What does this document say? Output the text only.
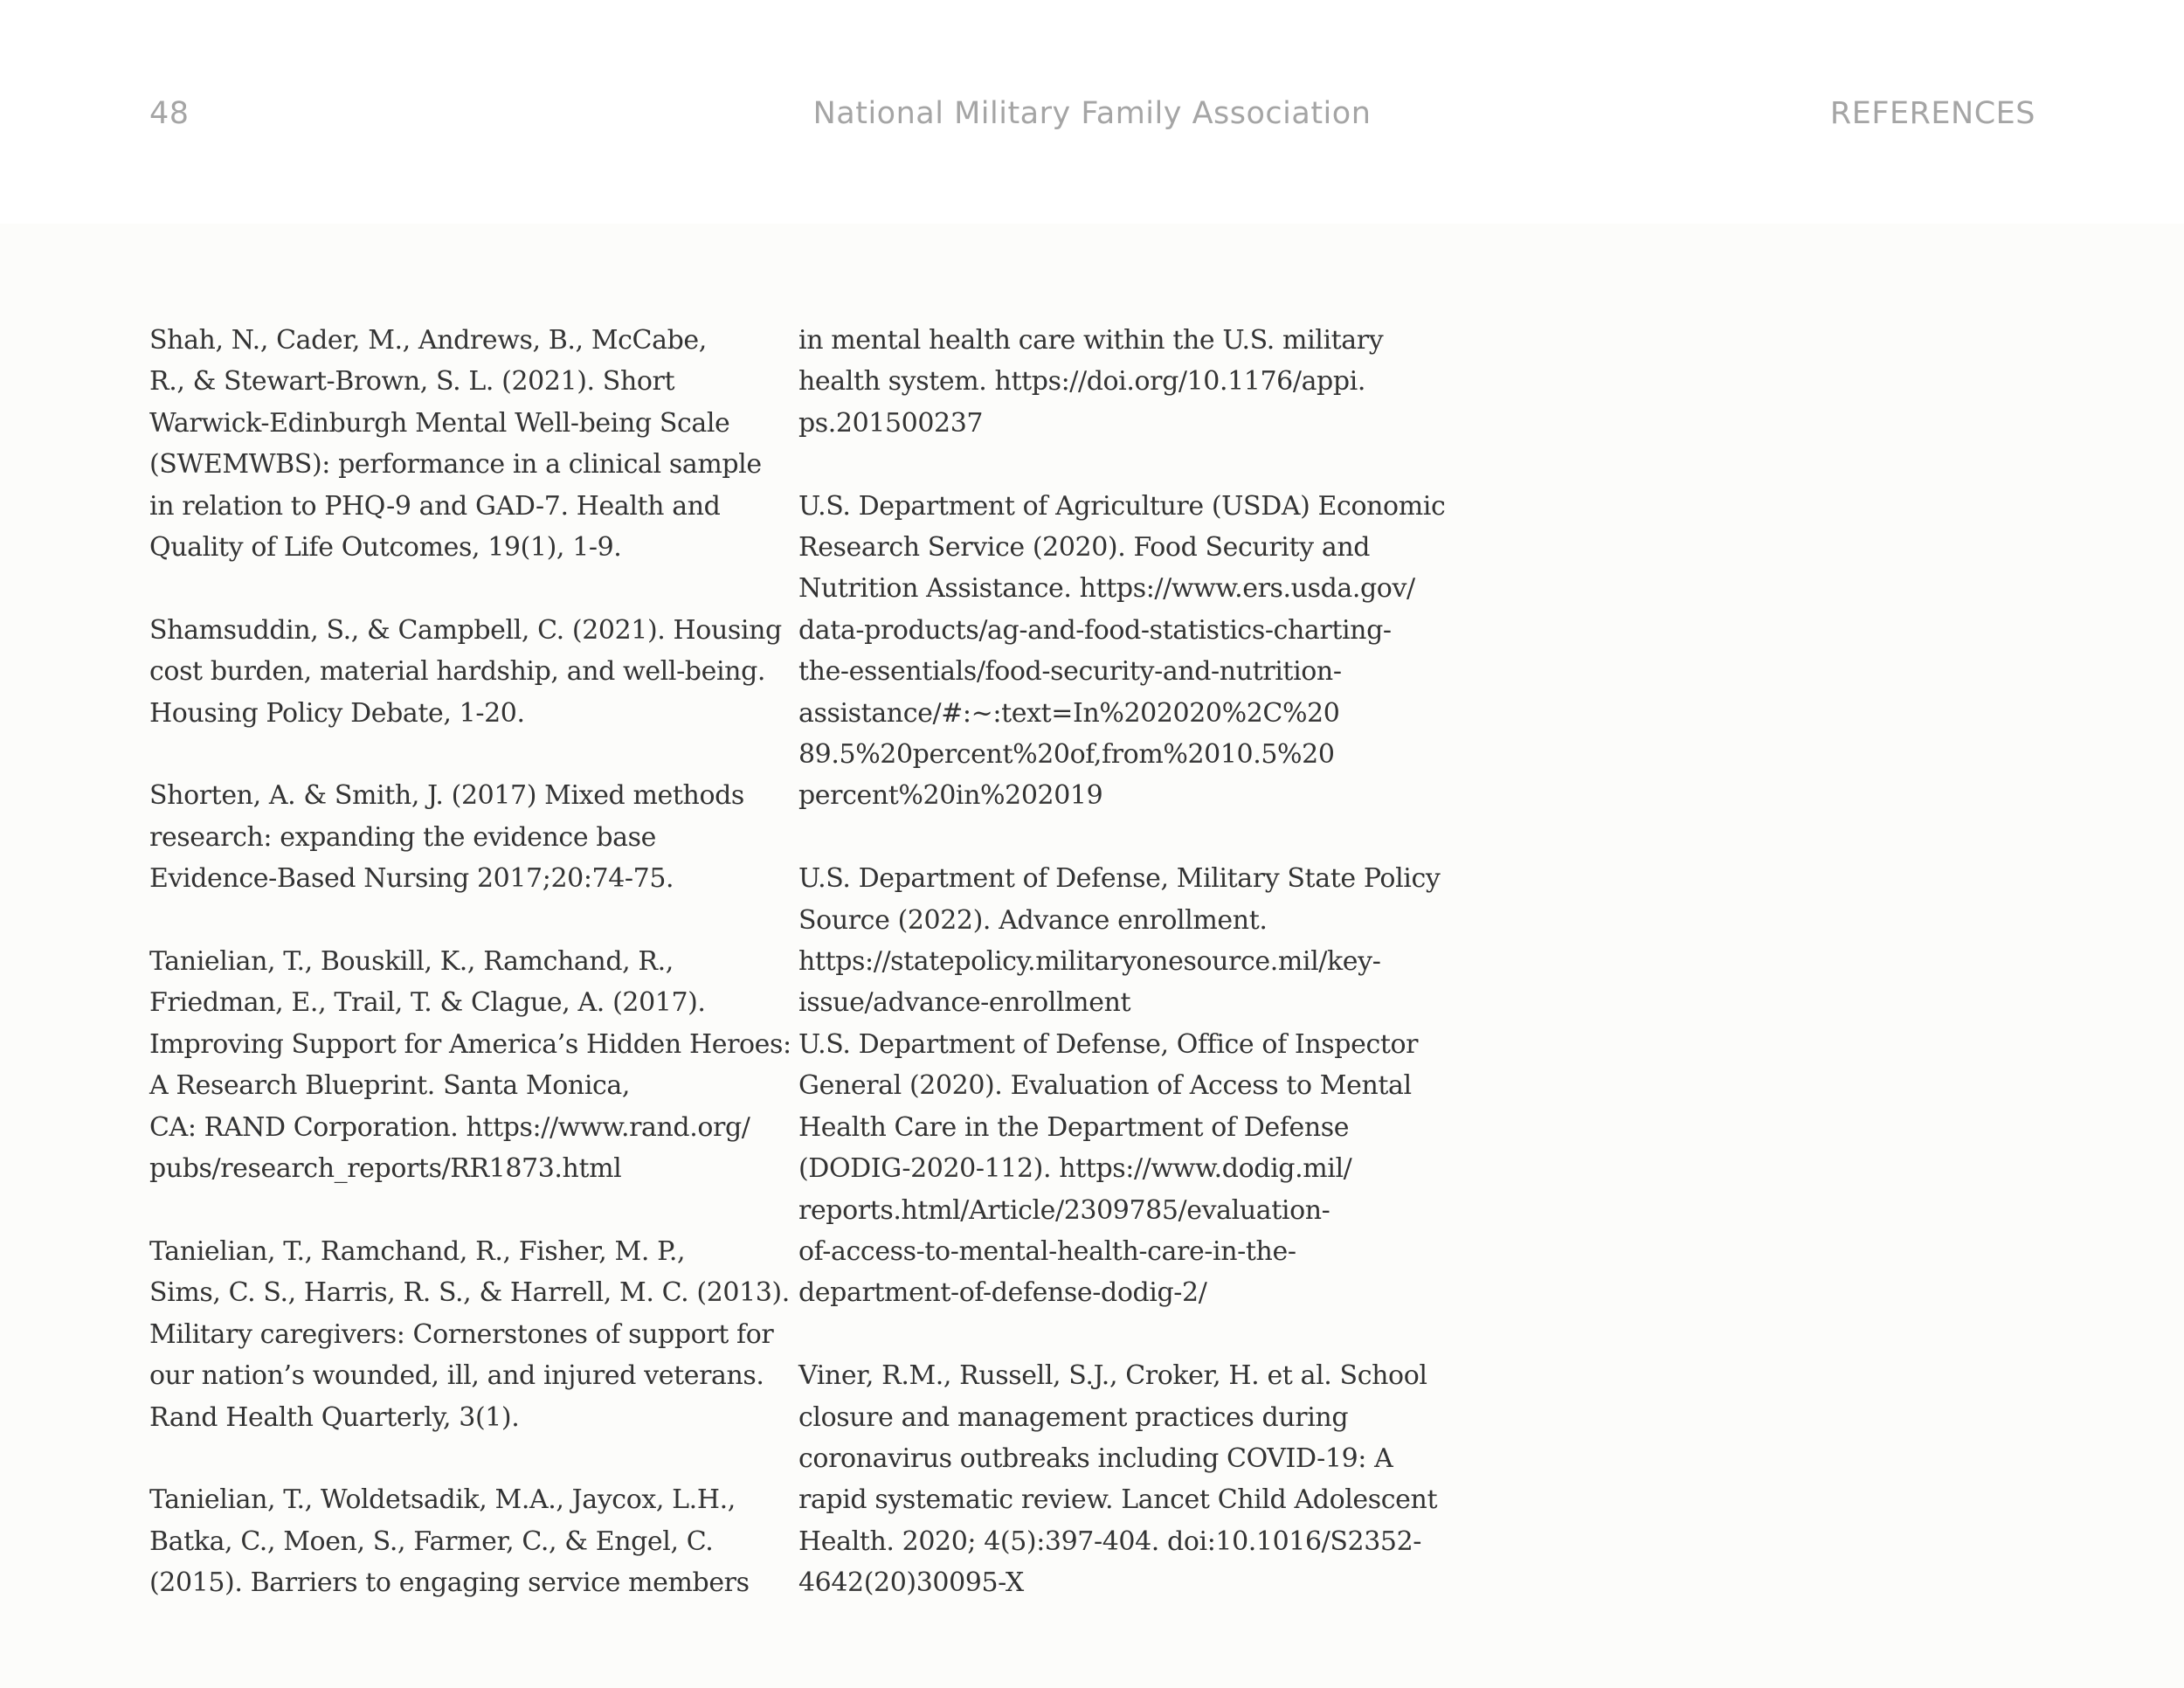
48	National Military Family Association	REFERENCES
Shah, N., Cader, M., Andrews, B., McCabe,
R., & Stewart-Brown, S. L. (2021). Short
Warwick-Edinburgh Mental Well-being Scale
(SWEMWBS): performance in a clinical sample
in relation to PHQ-9 and GAD-7. Health and
Quality of Life Outcomes, 19(1), 1-9.
Shamsuddin, S., & Campbell, C. (2021). Housing
cost burden, material hardship, and well-being.
Housing Policy Debate, 1-20.
Shorten, A. & Smith, J. (2017) Mixed methods
research: expanding the evidence base
Evidence-Based Nursing 2017;20:74-75.
Tanielian, T., Bouskill, K., Ramchand, R.,
Friedman, E., Trail, T. & Clague, A. (2017).
Improving Support for America’s Hidden Heroes:
A Research Blueprint. Santa Monica,
CA: RAND Corporation. https://www.rand.org/
pubs/research_reports/RR1873.html
Tanielian, T., Ramchand, R., Fisher, M. P.,
Sims, C. S., Harris, R. S., & Harrell, M. C. (2013).
Military caregivers: Cornerstones of support for
our nation’s wounded, ill, and injured veterans.
Rand Health Quarterly, 3(1).
Tanielian, T., Woldetsadik, M.A., Jaycox, L.H.,
Batka, C., Moen, S., Farmer, C., & Engel, C.
(2015). Barriers to engaging service members
in mental health care within the U.S. military
health system. https://doi.org/10.1176/appi.
ps.201500237
U.S. Department of Agriculture (USDA) Economic
Research Service (2020). Food Security and
Nutrition Assistance. https://www.ers.usda.gov/
data-products/ag-and-food-statistics-charting-
the-essentials/food-security-and-nutrition-
assistance/#:~:text=In%202020%2C%20
89.5%20percent%20of,from%2010.5%20
percent%20in%202019
U.S. Department of Defense, Military State Policy
Source (2022). Advance enrollment.
https://statepolicy.militaryonesource.mil/key-
issue/advance-enrollment
U.S. Department of Defense, Office of Inspector
General (2020). Evaluation of Access to Mental
Health Care in the Department of Defense
(DODIG-2020-112). https://www.dodig.mil/
reports.html/Article/2309785/evaluation-
of-access-to-mental-health-care-in-the-
department-of-defense-dodig-2/
Viner, R.M., Russell, S.J., Croker, H. et al. School
closure and management practices during
coronavirus outbreaks including COVID-19: A
rapid systematic review. Lancet Child Adolescent
Health. 2020; 4(5):397-404. doi:10.1016/S2352-
4642(20)30095-X
